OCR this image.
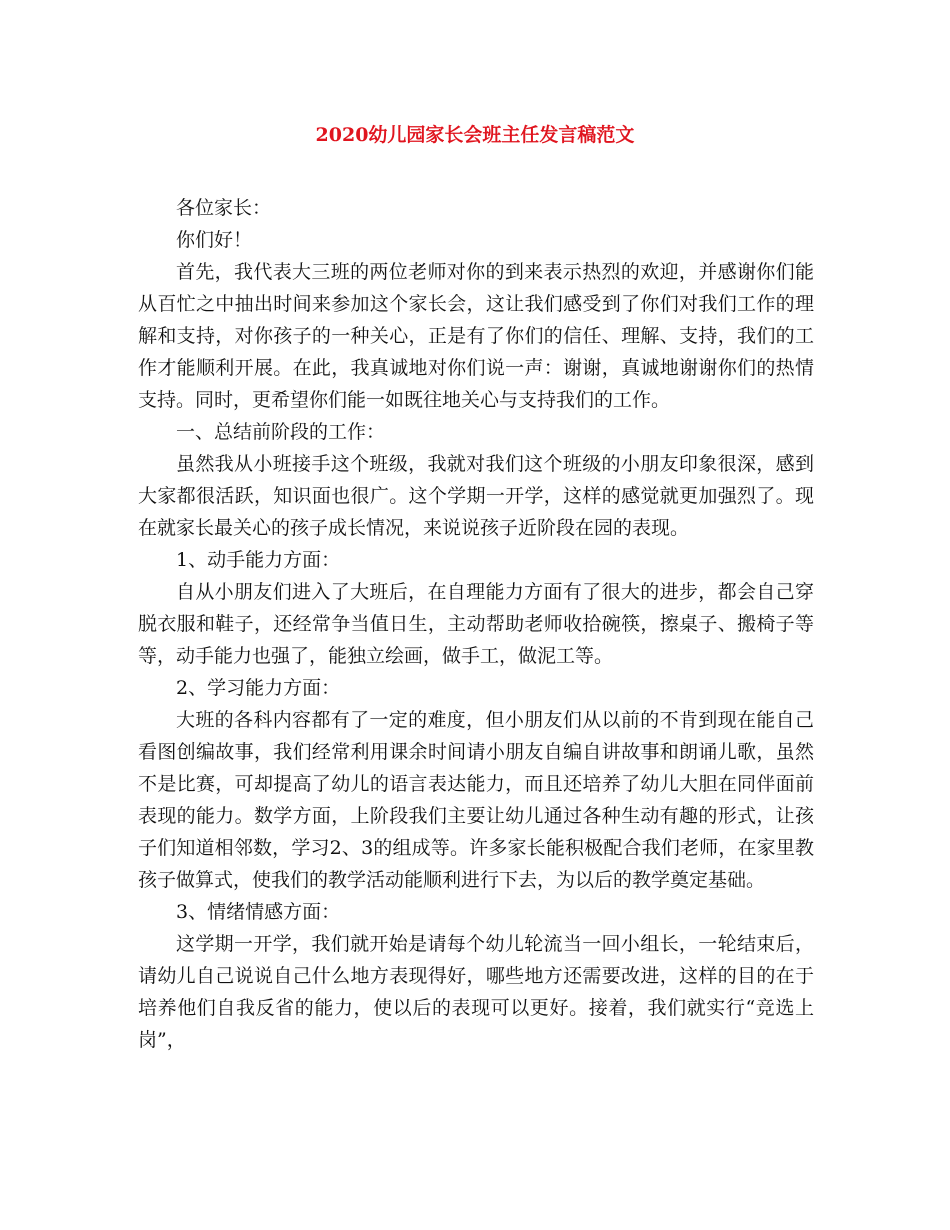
2020幼儿园家长会班主任发言稿范文

各位家长：

你们好！

首先，我代表大三班的两位老师对你的到来表示热烈的欢迎，并感谢你们能从百忙之中抽出时间来参加这个家长会，这让我们感受到了你们对我们工作的理解和支持，对你孩子的一种关心，正是有了你们的信任、理解、支持，我们的工作才能顺利开展。在此，我真诚地对你们说一声：谢谢，真诚地谢谢你们的热情支持。同时，更希望你们能一如既往地关心与支持我们的工作。

一、总结前阶段的工作：

虽然我从小班接手这个班级，我就对我们这个班级的小朋友印象很深，感到大家都很活跃，知识面也很广。这个学期一开学，这样的感觉就更加强烈了。现在就家长最关心的孩子成长情况，来说说孩子近阶段在园的表现。

1、动手能力方面：

自从小朋友们进入了大班后，在自理能力方面有了很大的进步，都会自己穿脱衣服和鞋子，还经常争当值日生，主动帮助老师收拾碗筷，擦桌子、搬椅子等等，动手能力也强了，能独立绘画，做手工，做泥工等。

2、学习能力方面：

大班的各科内容都有了一定的难度，但小朋友们从以前的不肯到现在能自己看图创编故事，我们经常利用课余时间请小朋友自编自讲故事和朗诵儿歌，虽然不是比赛，可却提高了幼儿的语言表达能力，而且还培养了幼儿大胆在同伴面前表现的能力。数学方面，上阶段我们主要让幼儿通过各种生动有趣的形式，让孩子们知道相邻数，学习2、3的组成等。许多家长能积极配合我们老师，在家里教孩子做算式，使我们的教学活动能顺利进行下去，为以后的教学奠定基础。

3、情绪情感方面：

这学期一开学，我们就开始是请每个幼儿轮流当一回小组长，一轮结束后，请幼儿自己说说自己什么地方表现得好，哪些地方还需要改进，这样的目的在于培养他们自我反省的能力，使以后的表现可以更好。接着，我们就实行“竞选上岗”，
